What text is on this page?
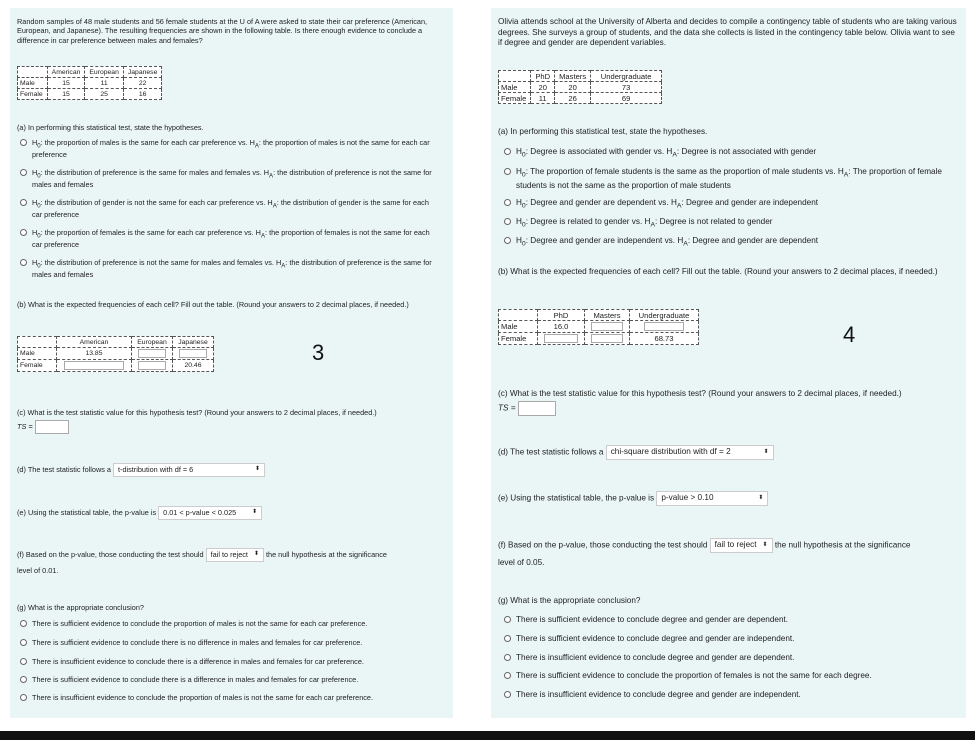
Random samples of 48 male students and 56 female students at the U of A were asked to state their car preference (American, European, and Japanese). The resulting frequencies are shown in the following table. Is there enough evidence to conclude a difference in car preference between males and females?
	American	European	Japanese
Male	15	11	22
Female	15	25	16
(a) In performing this statistical test, state the hypotheses.
$H_0$: the proportion of males is the same for each car preference vs. $H_A$: the proportion of males is not the same for each car preference
$H_0$: the distribution of preference is the same for males and females vs. $H_A$: the distribution of preference is not the same for males and females
$H_0$: the distribution of gender is not the same for each car preference vs. $H_A$: the distribution of gender is the same for each car preference
$H_0$: the proportion of females is the same for each car preference vs. $H_A$: the proportion of females is not the same for each car preference
$H_0$: the distribution of preference is not the same for males and females vs. $H_A$: the distribution of preference is the same for males and females
(b) What is the expected frequencies of each cell? Fill out the table. (Round your answers to 2 decimal places, if needed.)
	American	European	Japanese
Male	13.85	

Female			20.46
3
(c) What is the test statistic value for this hypothesis test? (Round your answers to 2 decimal places, if needed.)
TS =
(d) The test statistic follows a t-distribution with df = 6	⬍
(e) Using the statistical table, the p-value is 0.01 < p-value < 0.025	⬍
(f) Based on the p-value, those conducting the test should fail to reject ⬍ the null hypothesis at the significance
level of 0.01.
(g) What is the appropriate conclusion?
There is sufficient evidence to conclude the proportion of males is not the same for each car preference.
There is sufficient evidence to conclude there is no difference in males and females for car preference.
There is insufficient evidence to conclude there is a difference in males and females for car preference.
There is sufficient evidence to conclude there is a difference in males and females for car preference.
There is insufficient evidence to conclude the proportion of males is not the same for each car preference.
Olivia attends school at the University of Alberta and decides to compile a contingency table of students who are taking various degrees. She surveys a group of students, and the data she collects is listed in the contingency table below. Olivia want to see if degree and gender are dependent variables.
	PhD	Masters	Undergraduate
Male	20	20	73
Female	11	26	69
(a) In performing this statistical test, state the hypotheses.
$H_0$: Degree is associated with gender vs. $H_A$: Degree is not associated with gender
$H_0$: The proportion of female students is the same as the proportion of male students vs. $H_A$: The proportion of female students is not the same as the proportion of male students
$H_0$: Degree and gender are dependent vs. $H_A$: Degree and gender are independent
$H_0$: Degree is related to gender vs. $H_A$: Degree is not related to gender
$H_0$: Degree and gender are independent vs. $H_A$: Degree and gender are dependent
(b) What is the expected frequencies of each cell? Fill out the table. (Round your answers to 2 decimal places, if needed.)
	PhD	Masters	Undergraduate
Male	16.0	

Female			68.73	4
(c) What is the test statistic value for this hypothesis test? (Round your answers to 2 decimal places, if needed.)
TS =
(d) The test statistic follows a chi-square distribution with df = 2	⬍
(e) Using the statistical table, the p-value is p-value > 0.10	⬍
(f) Based on the p-value, those conducting the test should fail to reject ⬍ the null hypothesis at the significance
level of 0.05.
(g) What is the appropriate conclusion?
There is sufficient evidence to conclude degree and gender are dependent.
There is sufficient evidence to conclude degree and gender are independent.
There is insufficient evidence to conclude degree and gender are dependent.
There is sufficient evidence to conclude the proportion of females is not the same for each degree.
There is insufficient evidence to conclude degree and gender are independent.
